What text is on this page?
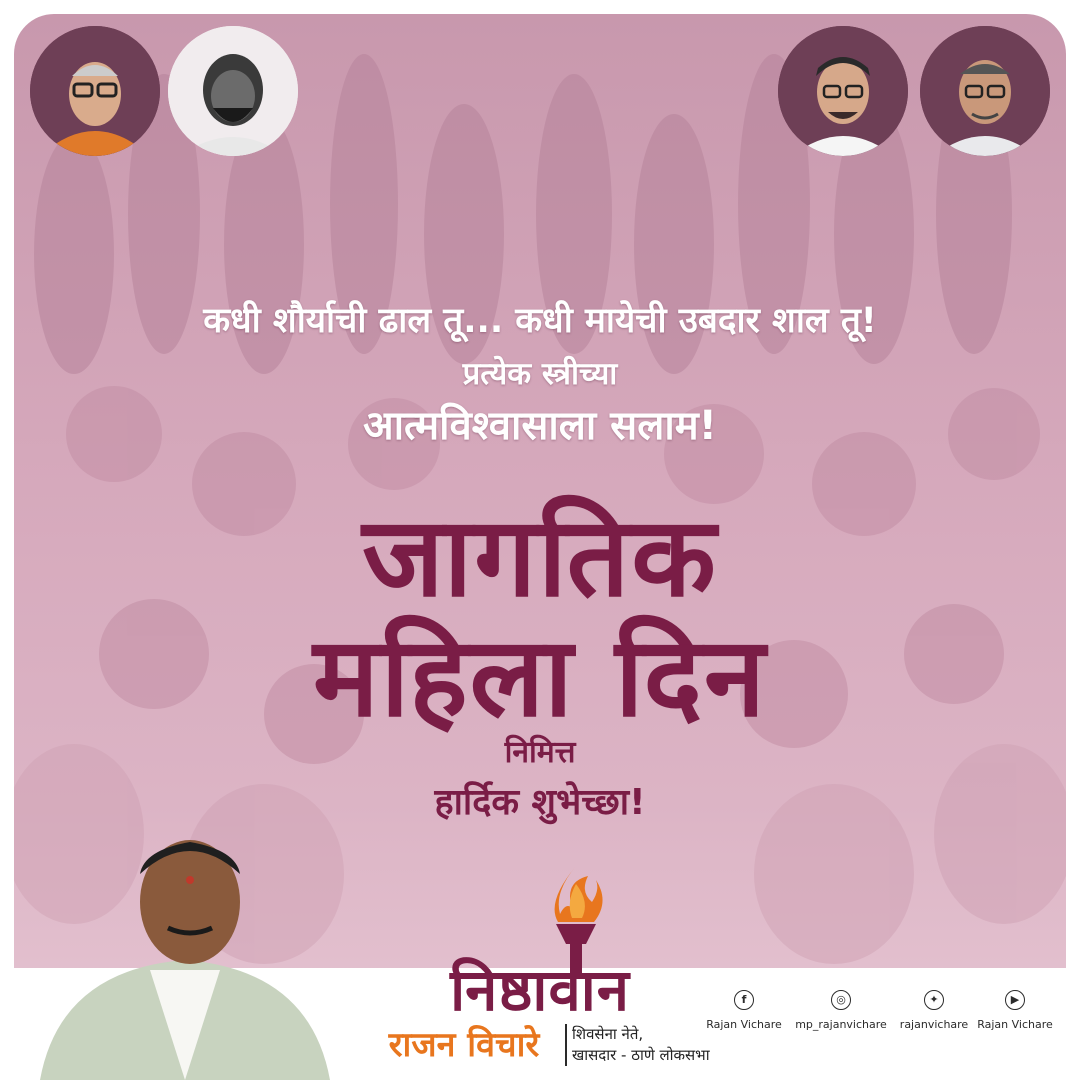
कधी शौर्याची ढाल तू... कधी मायेची उबदार शाल तू!
प्रत्येक स्त्रीच्या
आत्मविश्वासाला सलाम!
जागतिक
महिला दिन
निमित्त
हार्दिक शुभेच्छा!
निष्ठावान
राजन विचारे	शिवसेना नेते,
खासदार - ठाणे लोकसभा
f
Rajan Vichare
◎
mp_rajanvichare
✦
rajanvichare
▶
Rajan Vichare
